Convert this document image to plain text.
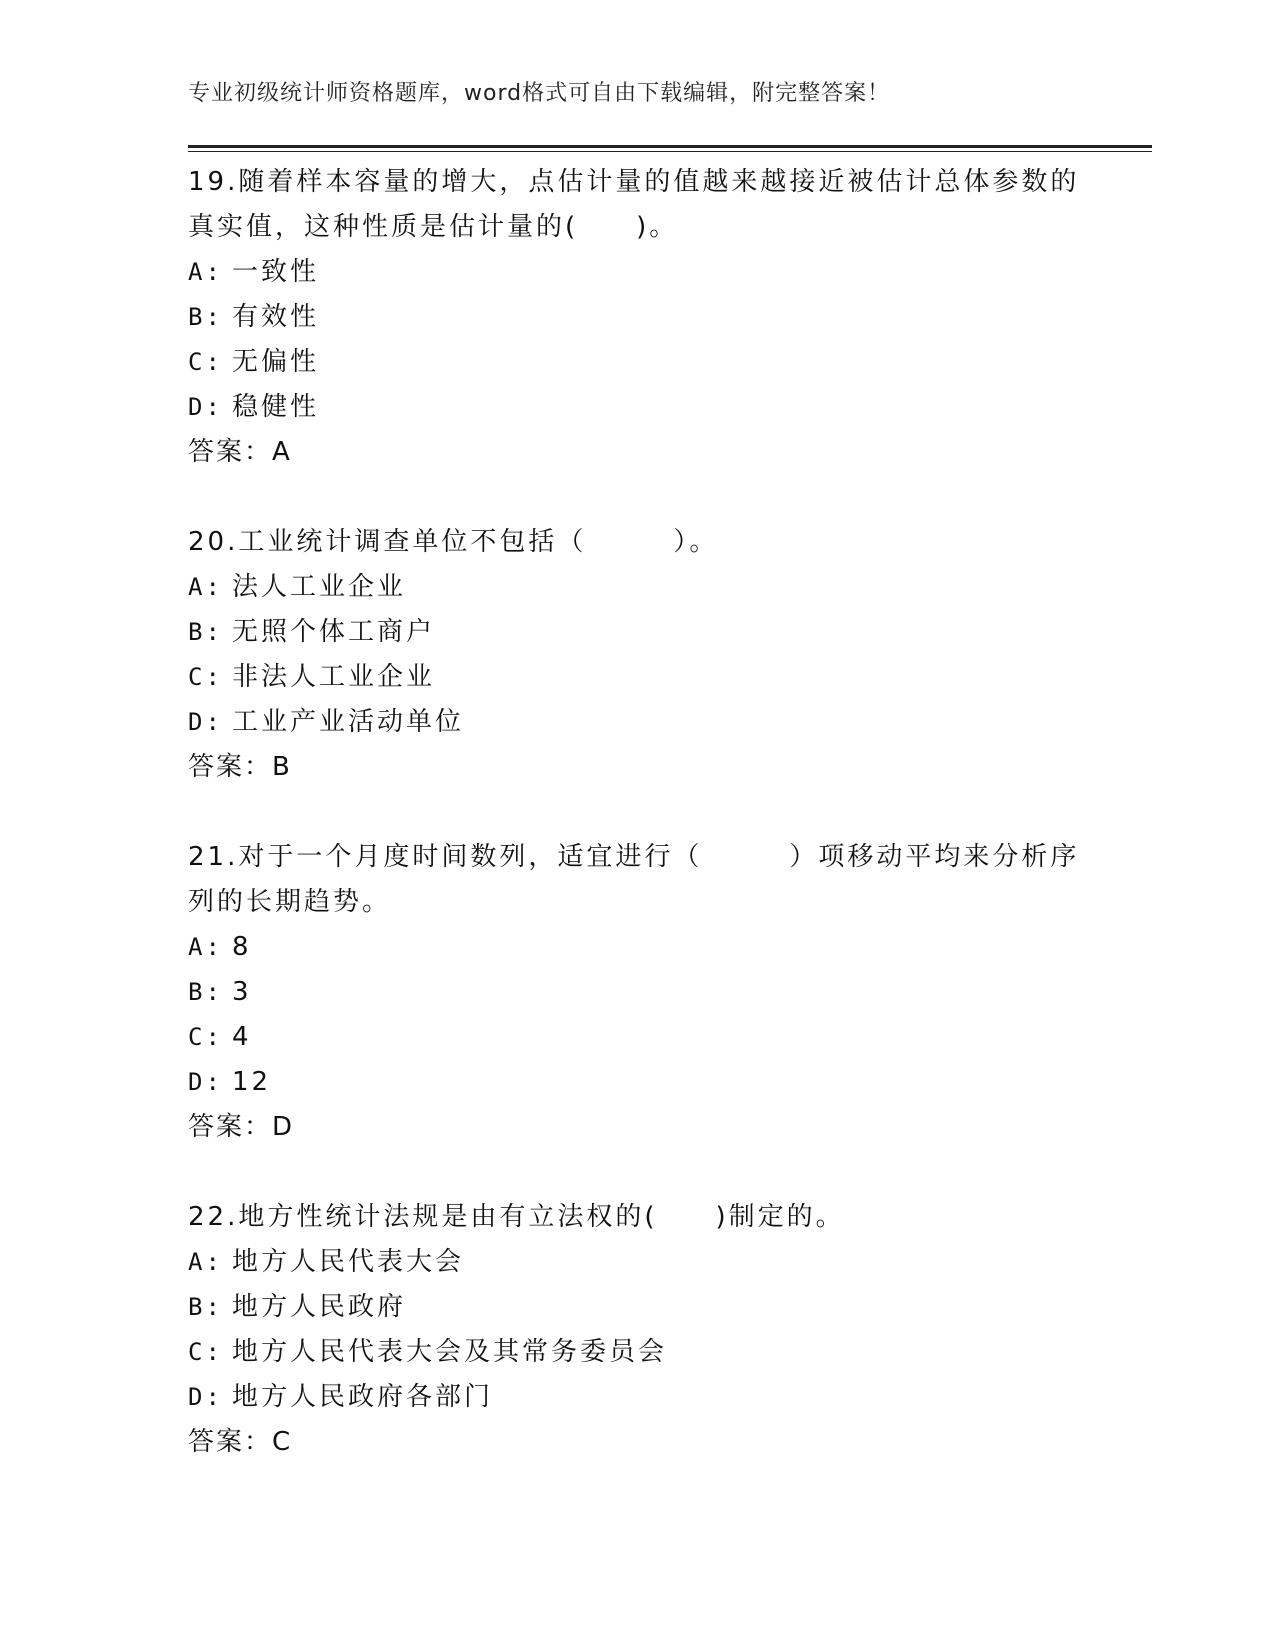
专业初级统计师资格题库，word格式可自由下载编辑，附完整答案！

19.随着样本容量的增大，点估计量的值越来越接近被估计总体参数的真实值，这种性质是估计量的(　　)。

A: 一致性
B: 有效性
C: 无偏性
D: 稳健性
答案：A

20.工业统计调查单位不包括（　　　）。

A: 法人工业企业
B: 无照个体工商户
C: 非法人工业企业
D: 工业产业活动单位
答案：B

21.对于一个月度时间数列，适宜进行（　　　）项移动平均来分析序列的长期趋势。

A: 8
B: 3
C: 4
D: 12
答案：D

22.地方性统计法规是由有立法权的(　　)制定的。

A: 地方人民代表大会
B: 地方人民政府
C: 地方人民代表大会及其常务委员会
D: 地方人民政府各部门
答案：C
